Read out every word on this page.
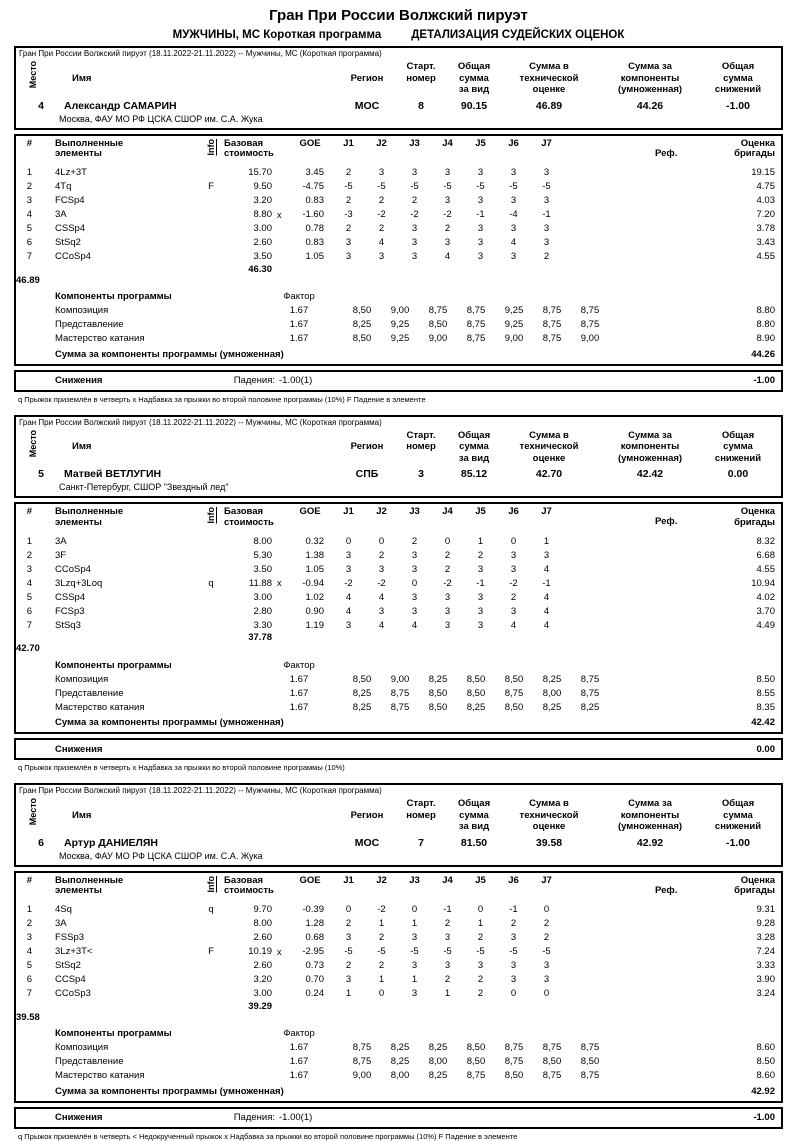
Гран При России Волжский пируэт
МУЖЧИНЫ, МС Короткая программа	ДЕТАЛИЗАЦИЯ СУДЕЙСКИХ ОЦЕНОК
Гран При России Волжский пируэт (18.11.2022-21.11.2022) -- Мужчины, МС (Короткая программа)
Место	Имя	Регион
Старт.
номер
Общая
сумма
за вид
Сумма в
технической
оценке
Сумма за
компоненты
(умноженная)
Общая
сумма
снижений
4	Александр САМАРИН	МОС	8	90.15	46.89	44.26	-1.00
Москва, ФАУ МО РФ ЦСКА СШОР им. С.А. Жука
#	Выполненные
элементы	Info Базовая
стоимость
GOE	J1	J2	J3	J4	J5	J6	J7
Реф.
Оценка
бригады
1	4Lz+3T	15.70	3.45	2	3	3	3	3	3	3	19.15
2	4Tq	F	9.50	-4.75	-5	-5	-5	-5	-5	-5	-5	4.75
3	FCSp4	3.20	0.83	2	2	2	3	3	3	3	4.03
4	3A	8.80 x	-1.60	-3	-2	-2	-2	-1	-4	-1	7.20
5	CSSp4	3.00	0.78	2	2	3	2	3	3	3	3.78
6	StSq2	2.60	0.83	3	4	3	3	3	4	3	3.43
7	CCoSp4	3.50	1.05	3	3	3	4	3	3	2	4.55
46.30
46.89
Компоненты программы	Фактор
Композиция	1.67	8,50	9,00	8,75	8,75	9,25	8,75	8,75	8.80
Представление	1.67	8,25	9,25	8,50	8,75	9,25	8,75	8,75	8.80
Мастерство катания	1.67	8,50	9,25	9,00	8,75	9,00	8,75	9,00	8.90
Сумма за компоненты программы (умноженная)	44.26
Снижения	Падения: -1.00(1)	-1.00
q Прыжок приземлён в четверть x Надбавка за прыжки во второй половине программы (10%) F Падение в элементе
Гран При России Волжский пируэт (18.11.2022-21.11.2022) -- Мужчины, МС (Короткая программа)
Место	Имя	Регион
Старт.
номер
Общая
сумма
за вид
Сумма в
технической
оценке
Сумма за
компоненты
(умноженная)
Общая
сумма
снижений
5	Матвей ВЕТЛУГИН	СПБ	3	85.12	42.70	42.42	0.00
Санкт-Петербург, СШОР "Звездный лед"
#	Выполненные
элементы	Info Базовая
стоимость
GOE	J1	J2	J3	J4	J5	J6	J7
Реф.
Оценка
бригады
1	3A	8.00	0.32	0	0	2	0	1	0	1	8.32
2	3F	5.30	1.38	3	2	3	2	2	3	3	6.68
3	CCoSp4	3.50	1.05	3	3	3	2	3	3	4	4.55
4	3Lzq+3Loq	q	11.88 x	-0.94	-2	-2	0	-2	-1	-2	-1	10.94
5	CSSp4	3.00	1.02	4	4	3	3	3	2	4	4.02
6	FCSp3	2.80	0.90	4	3	3	3	3	3	4	3.70
7	StSq3	3.30	1.19	3	4	4	3	3	4	4	4.49
37.78
42.70
Компоненты программы	Фактор
Композиция	1.67	8,50	9,00	8,25	8,50	8,50	8,25	8,75	8.50
Представление	1.67	8,25	8,75	8,50	8,50	8,75	8,00	8,75	8.55
Мастерство катания	1.67	8,25	8,75	8,50	8,25	8,50	8,25	8,25	8.35
Сумма за компоненты программы (умноженная)	42.42
Снижения	0.00
q Прыжок приземлён в четверть x Надбавка за прыжки во второй половине программы (10%)
Гран При России Волжский пируэт (18.11.2022-21.11.2022) -- Мужчины, МС (Короткая программа)
Место	Имя	Регион
Старт.
номер
Общая
сумма
за вид
Сумма в
технической
оценке
Сумма за
компоненты
(умноженная)
Общая
сумма
снижений
6	Артур ДАНИЕЛЯН	МОС	7	81.50	39.58	42.92	-1.00
Москва, ФАУ МО РФ ЦСКА СШОР им. С.А. Жука
#	Выполненные
элементы	Info Базовая
стоимость
GOE	J1	J2	J3	J4	J5	J6	J7
Реф.
Оценка
бригады
1	4Sq	q	9.70	-0.39	0	-2	0	-1	0	-1	0	9.31
2	3A	8.00	1.28	2	1	1	2	1	2	2	9.28
3	FSSp3	2.60	0.68	3	2	3	3	2	3	2	3.28
4	3Lz+3T<	F	10.19 x	-2.95	-5	-5	-5	-5	-5	-5	-5	7.24
5	StSq2	2.60	0.73	2	2	3	3	3	3	3	3.33
6	CCSp4	3.20	0.70	3	1	1	2	2	3	3	3.90
7	CCoSp3	3.00	0.24	1	0	3	1	2	0	0	3.24
39.29
39.58
Компоненты программы	Фактор
Композиция	1.67	8,75	8,25	8,25	8,50	8,75	8,75	8,75	8.60
Представление	1.67	8,75	8,25	8,00	8,50	8,75	8,50	8,50	8.50
Мастерство катания	1.67	9,00	8,00	8,25	8,75	8,50	8,75	8,75	8.60
Сумма за компоненты программы (умноженная)	42.92
Снижения	Падения: -1.00(1)	-1.00
q Прыжок приземлён в четверть < Недокрученный прыжок x Надбавка за прыжки во второй половине программы (10%) F Падение в элементе
